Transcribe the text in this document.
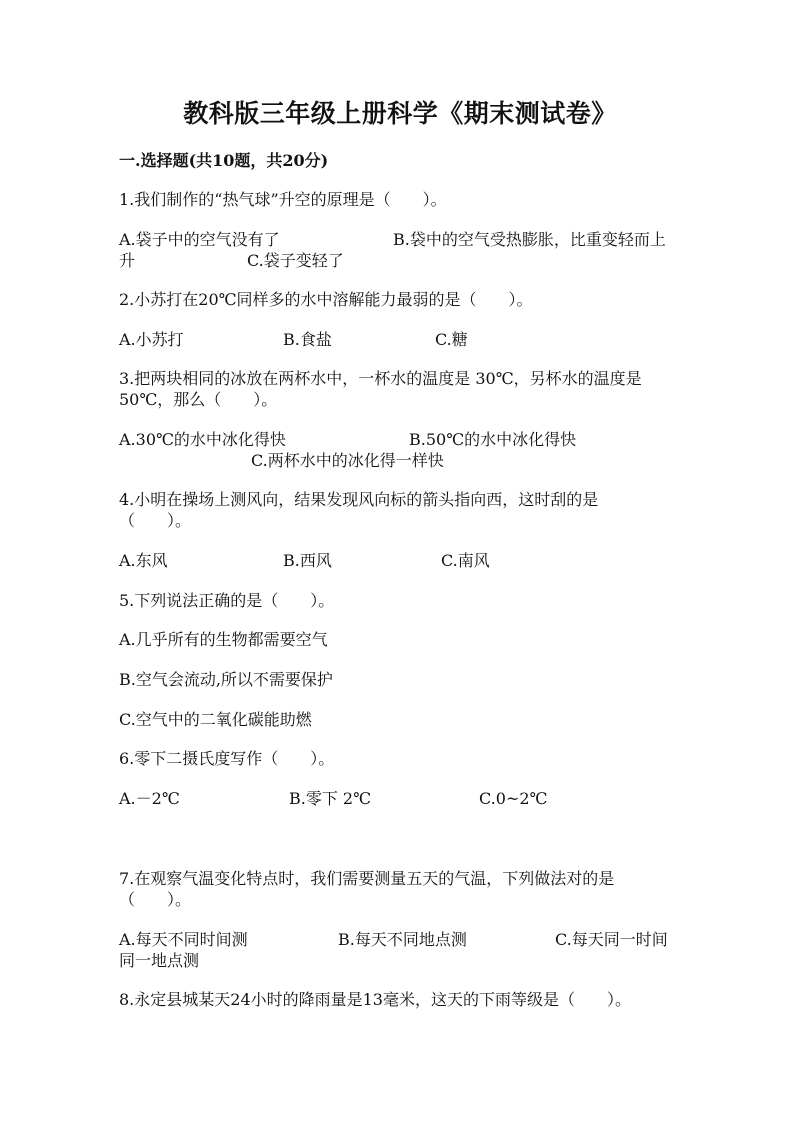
教科版三年级上册科学《期末测试卷》
一.选择题(共10题，共20分)
1.我们制作的“热气球”升空的原理是（　　）。
A.袋子中的空气没有了	B.袋中的空气受热膨胀，比重变轻而上
升	C.袋子变轻了
2.小苏打在20℃同样多的水中溶解能力最弱的是（　　）。
A.小苏打	B.食盐	C.糖
3.把两块相同的冰放在两杯水中，一杯水的温度是 30℃，另杯水的温度是
50℃，那么（　　）。
A.30℃的水中冰化得快	B.50℃的水中冰化得快
C.两杯水中的冰化得一样快
4.小明在操场上测风向，结果发现风向标的箭头指向西，这时刮的是
（　　）。
A.东风	B.西风	C.南风
5.下列说法正确的是（　　）。
A.几乎所有的生物都需要空气
B.空气会流动,所以不需要保护
C.空气中的二氧化碳能助燃
6.零下二摄氏度写作（　　）。
A.－2℃	B.零下 2℃	C.0~2℃
7.在观察气温变化特点时，我们需要测量五天的气温，下列做法对的是
（　　）。
A.每天不同时间测	B.每天不同地点测	C.每天同一时间
同一地点测
8.永定县城某天24小时的降雨量是13毫米，这天的下雨等级是（　　）。
